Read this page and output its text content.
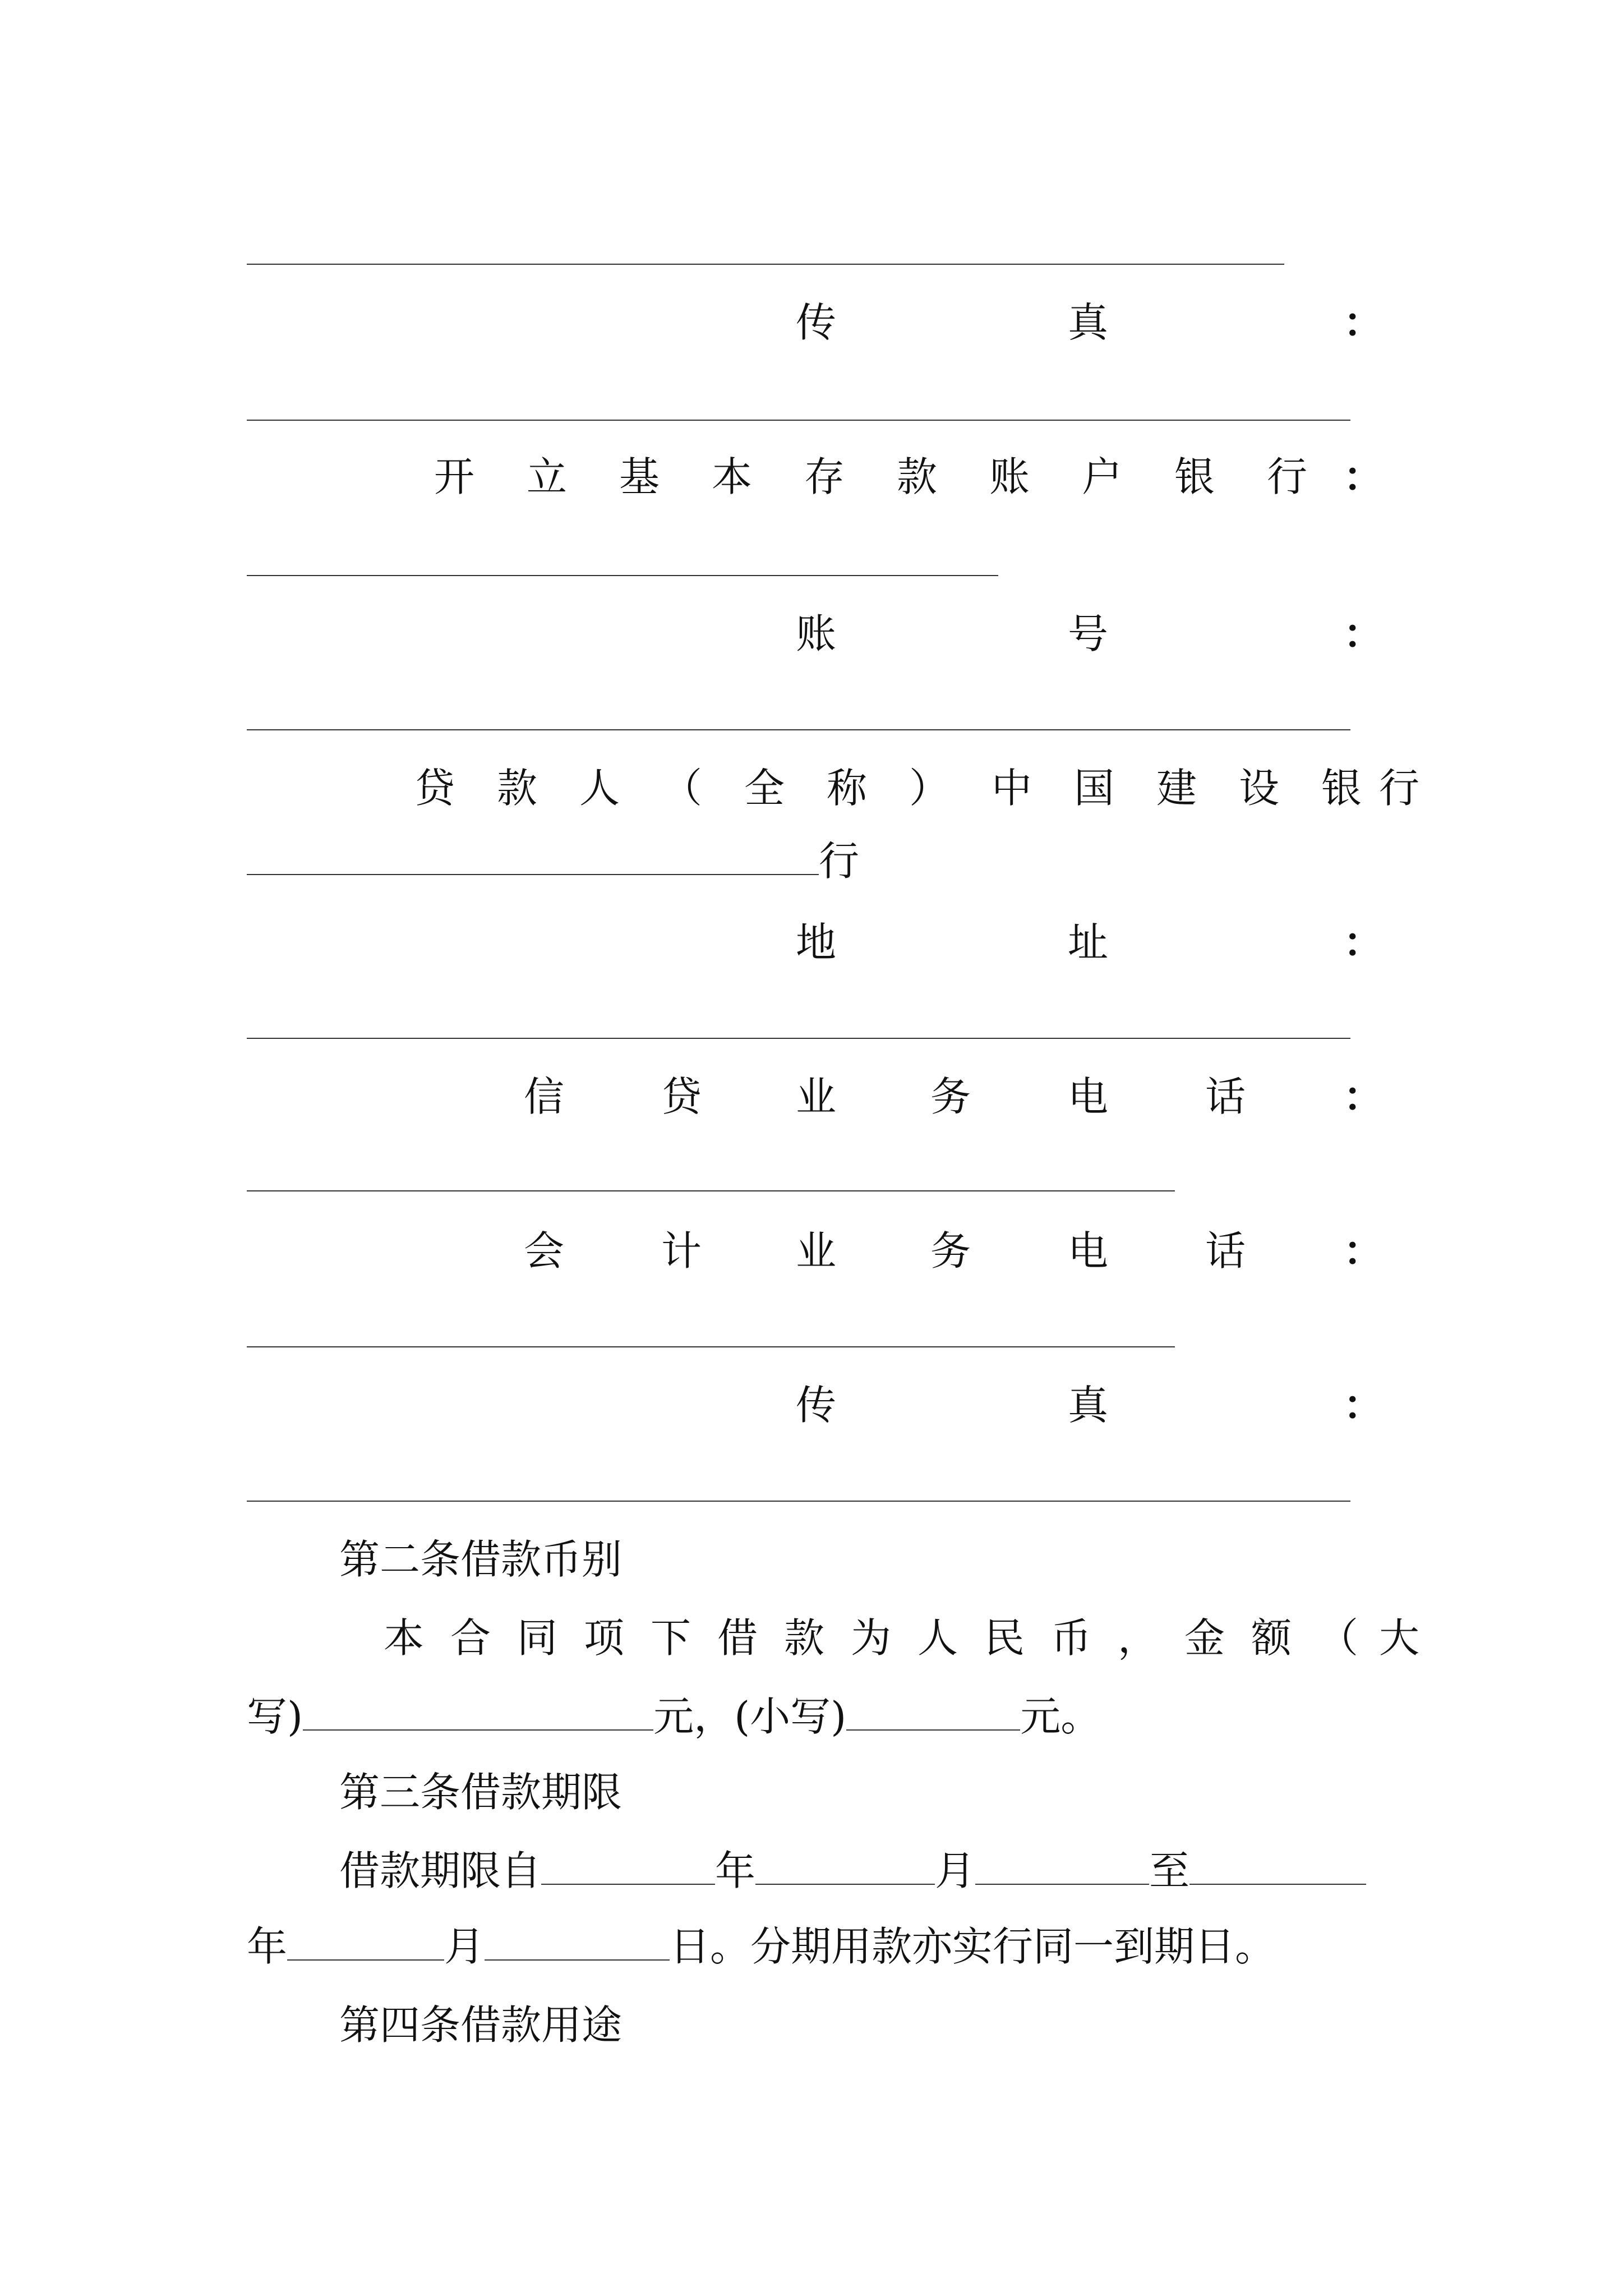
传	真	：
开 立 基 本 存 款 账 户 银 行 ：
账	号	：
贷 款 人 （ 全 称 ） 中 国 建 设 银 行
行
地	址	：
信 贷 业 务 电 话 ：
会 计 业 务 电 话 ：
传	真	：
第二条借款币别
本 合 同 项 下 借 款 为 人 民 币 ， 金 额 （ 大
写)	元，(小写)	元。
第三条借款期限
借款期限自	年	月	至
年	月	日。分期用款亦实行同一到期日。
第四条借款用途
